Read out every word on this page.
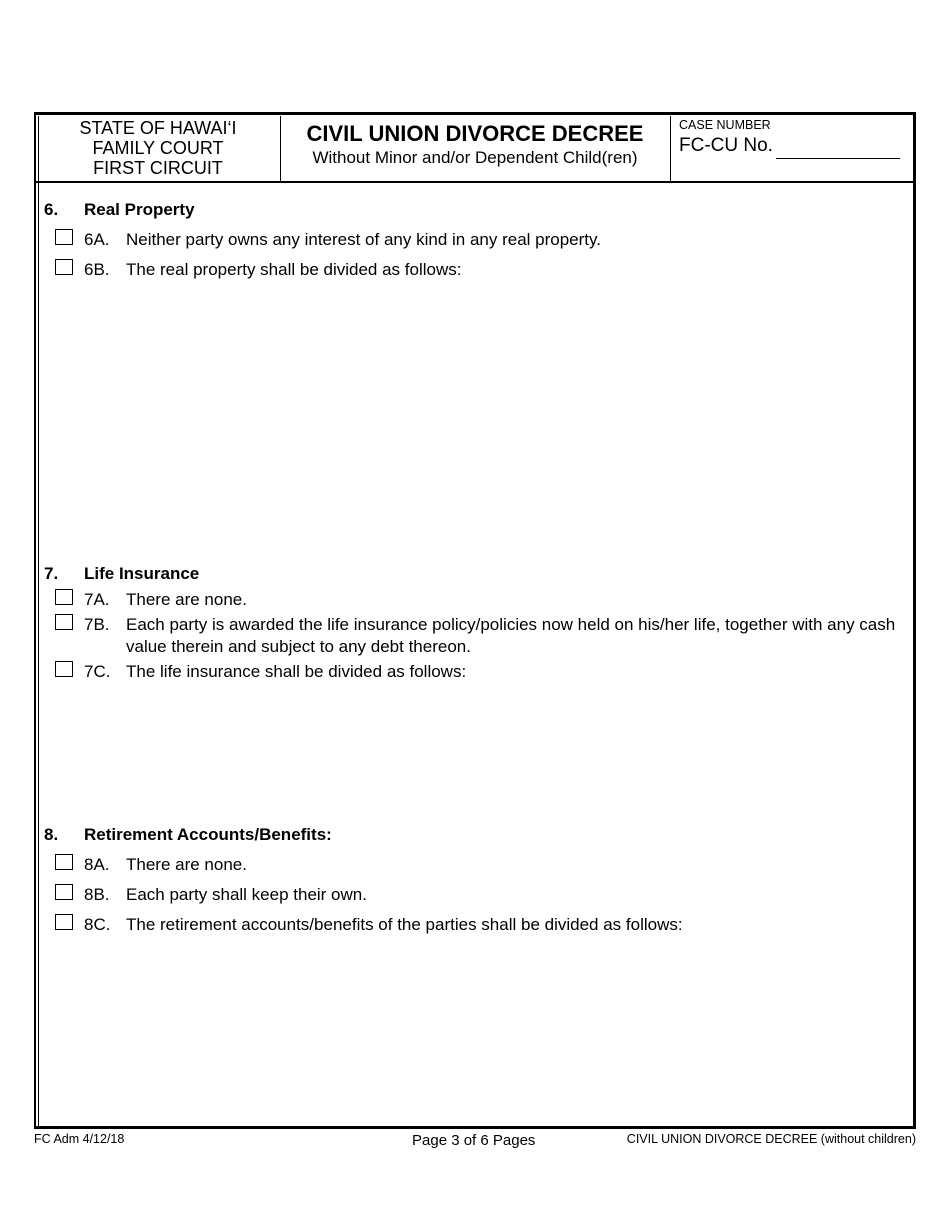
STATE OF HAWAI‘I
FAMILY COURT
FIRST CIRCUIT
CIVIL UNION DIVORCE DECREE
Without Minor and/or Dependent Child(ren)
CASE NUMBER
FC-CU No.
6. Real Property
6A. Neither party owns any interest of any kind in any real property.
6B. The real property shall be divided as follows:
7. Life Insurance
7A. There are none.
7B. Each party is awarded the life insurance policy/policies now held on his/her life, together with any cash value therein and subject to any debt thereon.
7C. The life insurance shall be divided as follows:
8. Retirement Accounts/Benefits:
8A. There are none.
8B. Each party shall keep their own.
8C. The retirement accounts/benefits of the parties shall be divided as follows:
FC Adm 4/12/18	Page 3 of 6 Pages	CIVIL UNION DIVORCE DECREE (without children)
